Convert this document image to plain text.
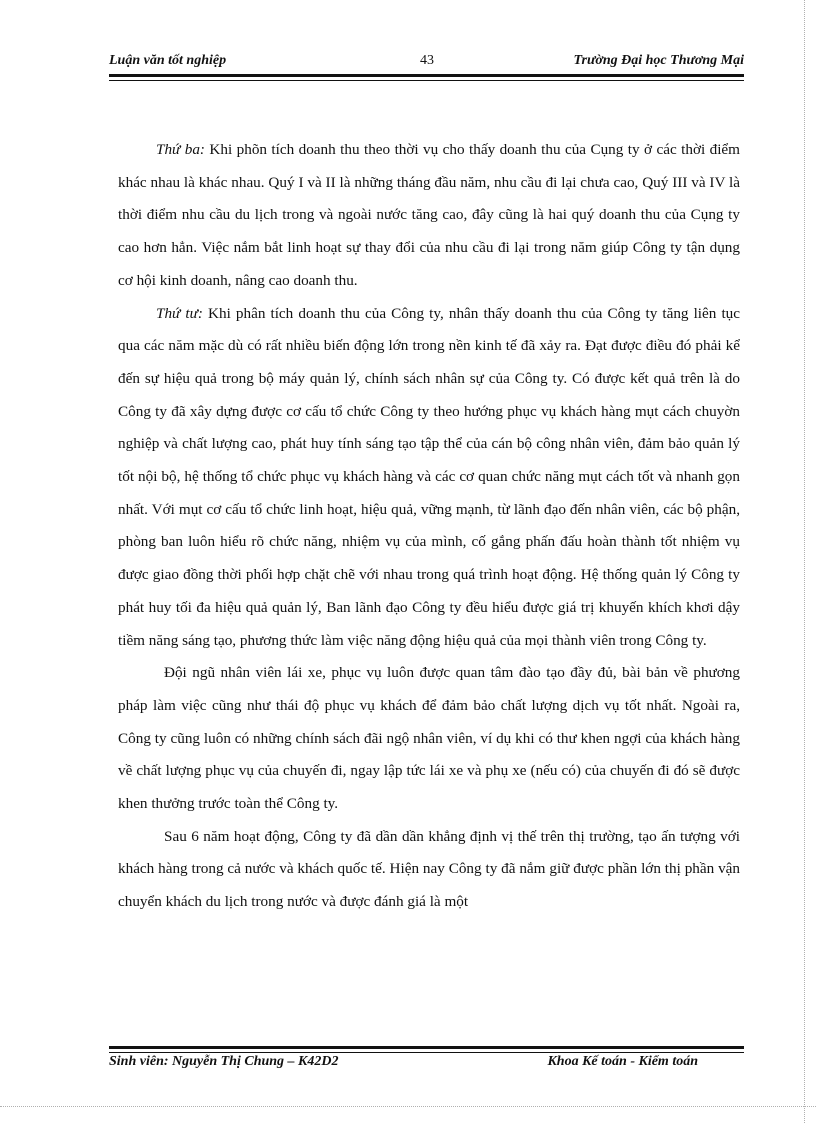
Luận văn tốt nghiệp	43	Trường Đại học Thương Mại

Thứ ba: Khi phõn tích doanh thu theo thời vụ cho thấy doanh thu của Cụng ty ở các thời điểm khác nhau là khác nhau. Quý I và II là những tháng đầu năm, nhu cầu đi lại chưa cao, Quý III và IV là thời điểm nhu cầu du lịch trong và ngoài nước tăng cao, đây cũng là hai quý doanh thu của Cụng ty cao hơn hẳn. Việc nắm bắt linh hoạt sự thay đổi của nhu cầu đi lại trong năm giúp Công ty tận dụng cơ hội kinh doanh, nâng cao doanh thu.

Thứ tư: Khi phân tích doanh thu của Công ty, nhân thấy doanh thu của Công ty tăng liên tục qua các năm mặc dù có rất nhiều biến động lớn trong nền kinh tế đã xảy ra. Đạt được điều đó phải kể đến sự hiệu quả trong bộ máy quản lý, chính sách nhân sự của Công ty. Có được kết quả trên là do Công ty đã xây dựng được cơ cấu tổ chức Công ty theo hướng phục vụ khách hàng mụt cách chuyờn nghiệp và chất lượng cao, phát huy tính sáng tạo tập thể của cán bộ công nhân viên, đảm bảo quản lý tốt nội bộ, hệ thống tổ chức phục vụ khách hàng và các cơ quan chức năng mụt cách tốt và nhanh gọn nhất. Với mụt cơ cấu tổ chức linh hoạt, hiệu quả, vững mạnh, từ lãnh đạo đến nhân viên, các bộ phận, phòng ban luôn hiểu rõ chức năng, nhiệm vụ của mình, cố gắng phấn đấu hoàn thành tốt nhiệm vụ được giao đồng thời phối hợp chặt chẽ với nhau trong quá trình hoạt động. Hệ thống quản lý Công ty phát huy tối đa hiệu quả quản lý, Ban lãnh đạo Công ty đều hiểu được giá trị khuyến khích khơi dậy tiềm năng sáng tạo, phương thức làm việc năng động hiệu quả của mọi thành viên trong Công ty.

Đội ngũ nhân viên lái xe, phục vụ luôn được quan tâm đào tạo đầy đủ, bài bản về phương pháp làm việc cũng như thái độ phục vụ khách để đảm bảo chất lượng dịch vụ tốt nhất. Ngoài ra, Công ty cũng luôn có những chính sách đãi ngộ nhân viên, ví dụ khi có thư khen ngợi của khách hàng về chất lượng phục vụ của chuyến đi, ngay lập tức lái xe và phụ xe (nếu có) của chuyến đi đó sẽ được khen thưởng trước toàn thể Công ty.

Sau 6 năm hoạt động, Công ty đã dần dần khẳng định vị thế trên thị trường, tạo ấn tượng với khách hàng trong cả nước và khách quốc tế. Hiện nay Công ty đã nắm giữ được phần lớn thị phần vận chuyển khách du lịch trong nước và được đánh giá là một

Sinh viên: Nguyễn Thị Chung – K42D2	Khoa Kế toán - Kiểm toán
